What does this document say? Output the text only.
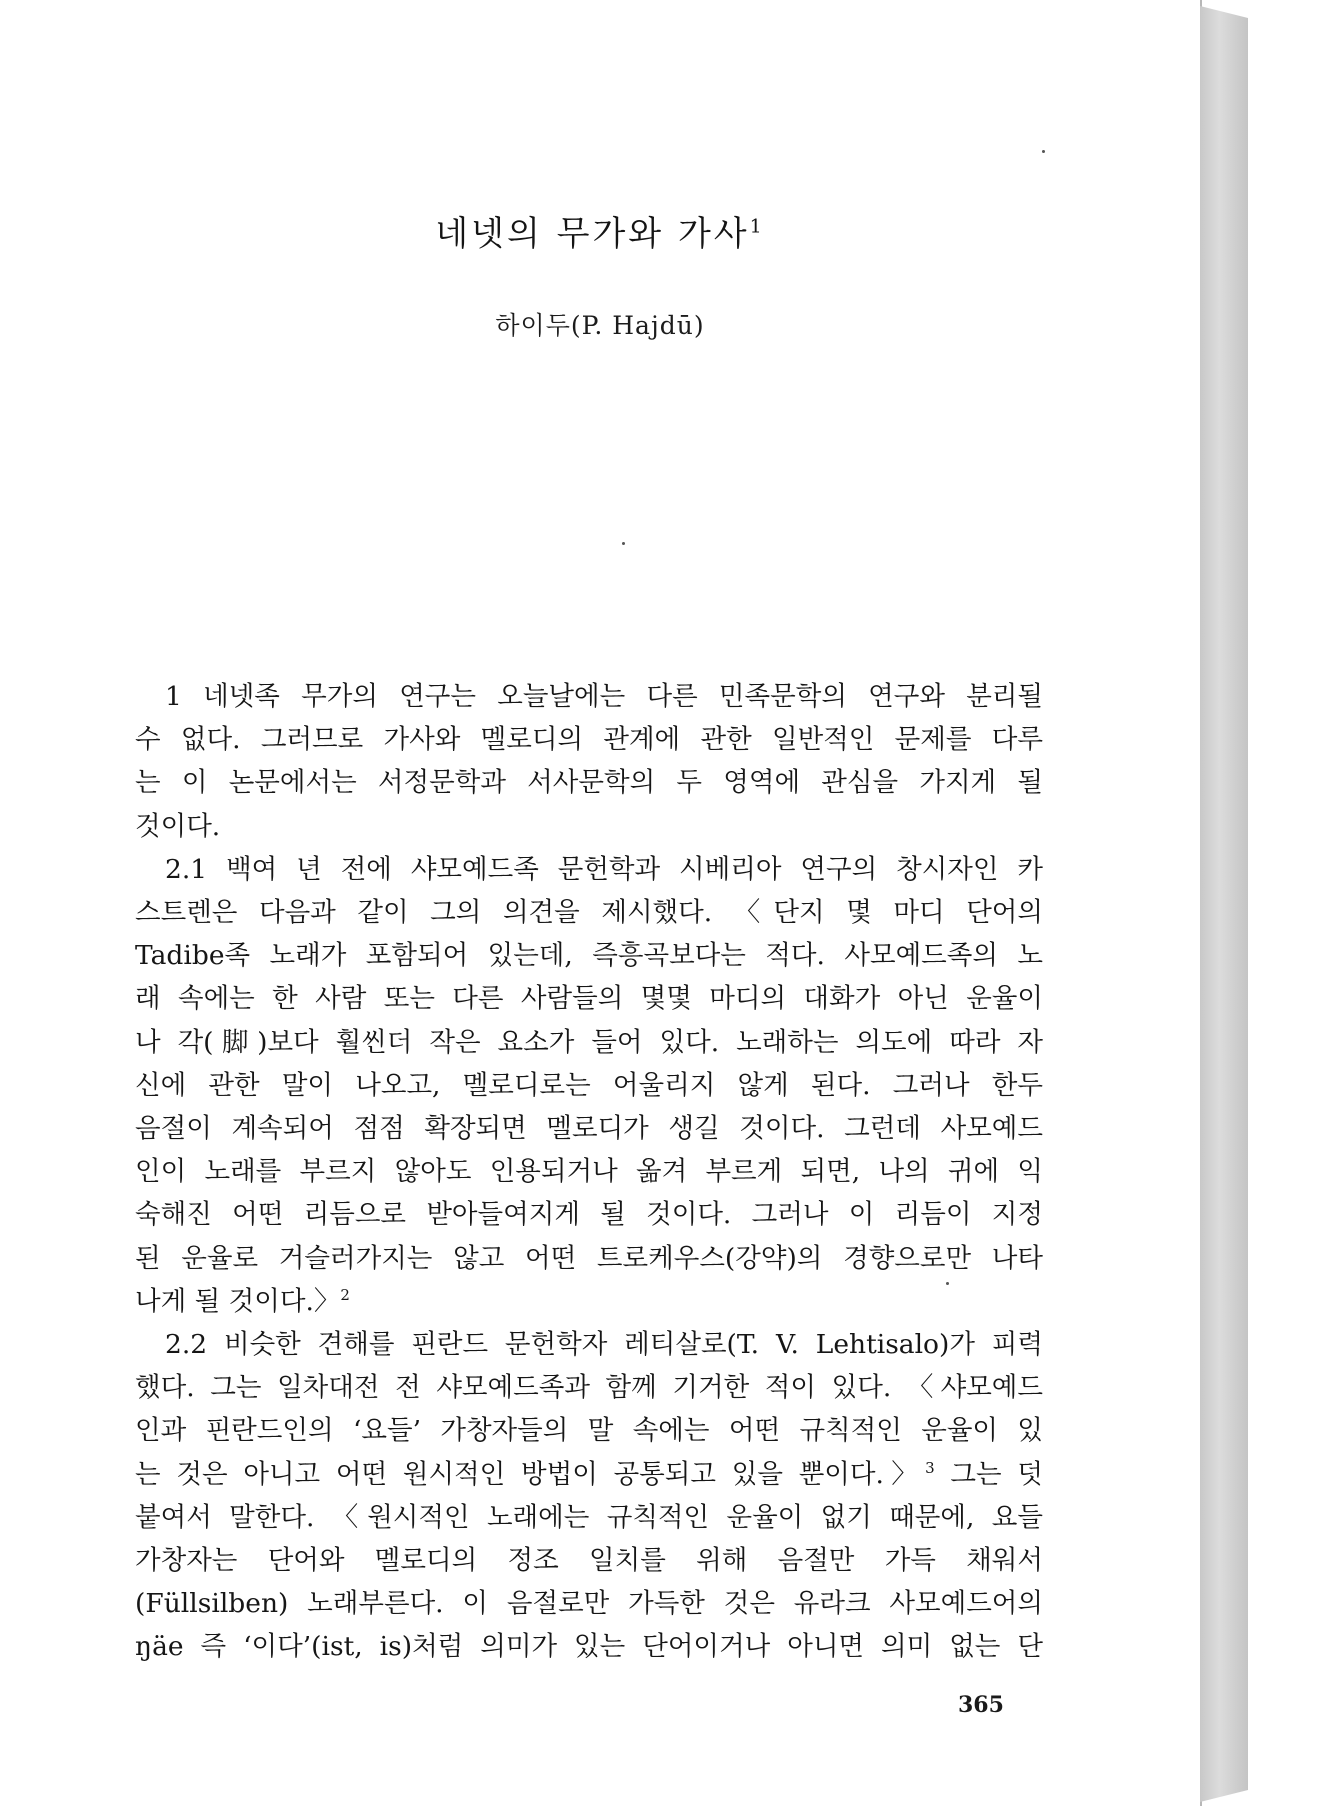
네넷의 무가와 가사$^1$
하이두(P. Hajdū)

1 네넷족 무가의 연구는 오늘날에는 다른 민족문학의 연구와 분리될

수 없다. 그러므로 가사와 멜로디의 관계에 관한 일반적인 문제를 다루

는 이 논문에서는 서정문학과 서사문학의 두 영역에 관심을 가지게 될

것이다.

2.1 백여 년 전에 샤모예드족 문헌학과 시베리아 연구의 창시자인 카

스트렌은 다음과 같이 그의 의견을 제시했다. 〈단지 몇 마디 단어의

Tadibe족 노래가 포함되어 있는데, 즉흥곡보다는 적다. 사모예드족의 노

래 속에는 한 사람 또는 다른 사람들의 몇몇 마디의 대화가 아닌 운율이

나 각(脚)보다 훨씬더 작은 요소가 들어 있다. 노래하는 의도에 따라 자

신에 관한 말이 나오고, 멜로디로는 어울리지 않게 된다. 그러나 한두

음절이 계속되어 점점 확장되면 멜로디가 생길 것이다. 그런데 사모예드

인이 노래를 부르지 않아도 인용되거나 옮겨 부르게 되면, 나의 귀에 익

숙해진 어떤 리듬으로 받아들여지게 될 것이다. 그러나 이 리듬이 지정

된 운율로 거슬러가지는 않고 어떤 트로케우스(강약)의 경향으로만 나타

나게 될 것이다.〉$^2$

2.2 비슷한 견해를 핀란드 문헌학자 레티살로(T. V. Lehtisalo)가 피력

했다. 그는 일차대전 전 샤모예드족과 함께 기거한 적이 있다. 〈샤모예드

인과 핀란드인의 ‘요들’ 가창자들의 말 속에는 어떤 규칙적인 운율이 있

는 것은 아니고 어떤 원시적인 방법이 공통되고 있을 뿐이다.〉$^3$ 그는 덧

붙여서 말한다. 〈원시적인 노래에는 규칙적인 운율이 없기 때문에, 요들

가창자는 단어와 멜로디의 정조 일치를 위해 음절만 가득 채워서

(Füllsilben) 노래부른다. 이 음절로만 가득한 것은 유라크 사모예드어의

ŋäe 즉 ‘이다’(ist, is)처럼 의미가 있는 단어이거나 아니면 의미 없는 단

365
